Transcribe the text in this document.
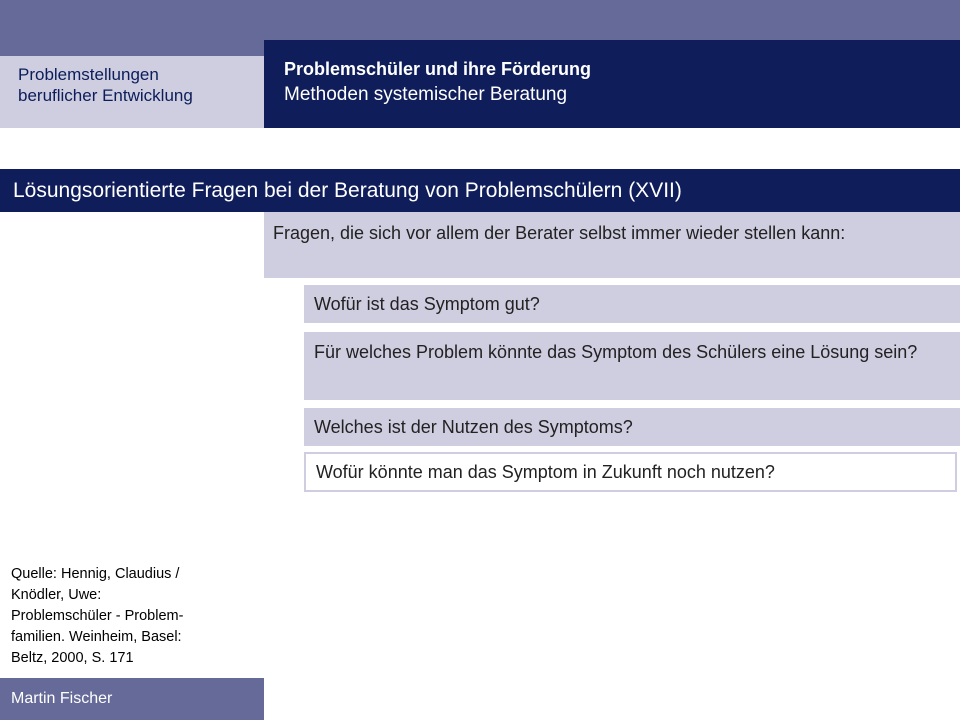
Problemstellungen
beruflicher Entwicklung
Problemschüler und ihre Förderung
Methoden systemischer Beratung
Lösungsorientierte Fragen bei der Beratung von Problemschülern (XVII)
Fragen, die sich vor allem der Berater selbst immer wieder stellen kann:
Wofür ist das Symptom gut?
Für welches Problem könnte das Symptom des Schülers eine Lösung sein?
Welches ist der Nutzen des Symptoms?
Wofür könnte man das Symptom in Zukunft noch nutzen?
Quelle: Hennig, Claudius /
Knödler, Uwe:
Problemschüler - Problem-
familien. Weinheim, Basel:
Beltz, 2000, S. 171
Martin Fischer
